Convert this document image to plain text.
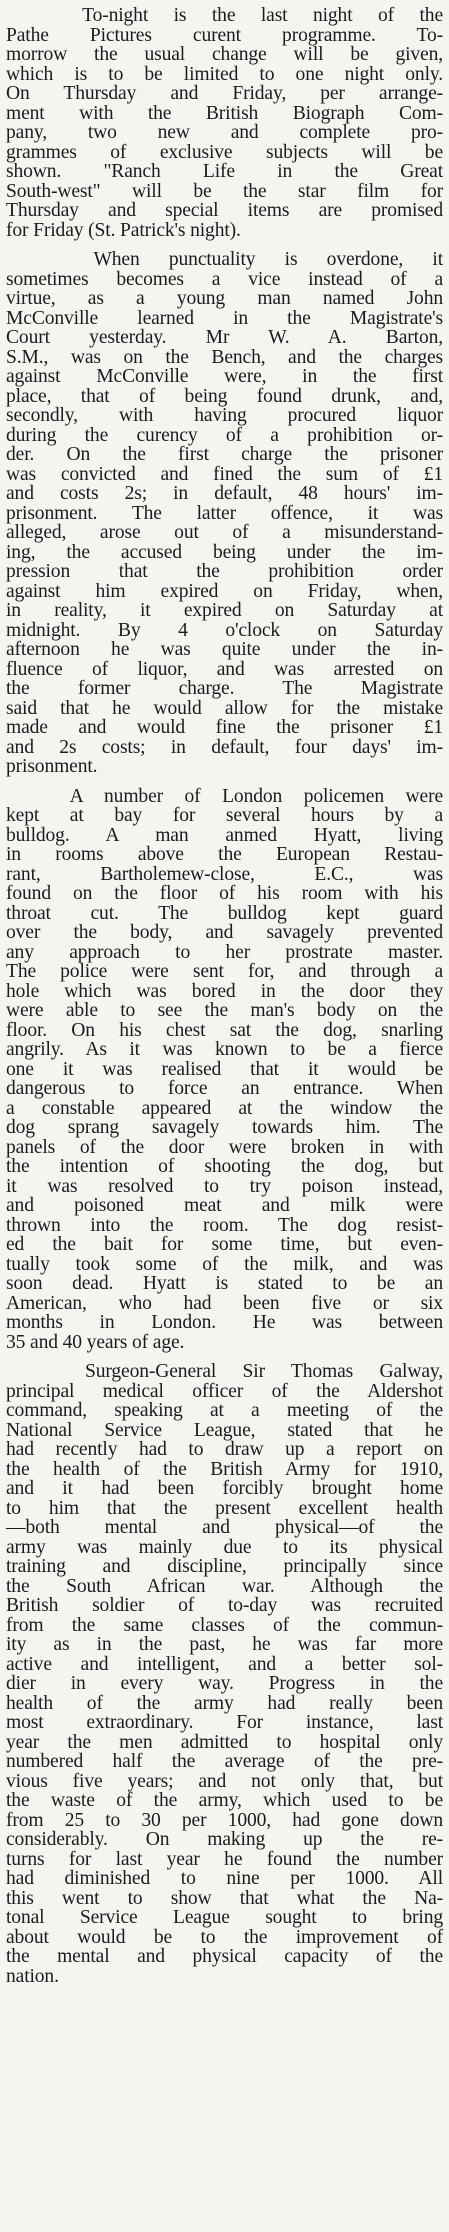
To-night is the last night of the
Pathe Pictures curent programme. To-
morrow the usual change will be given,
which is to be limited to one night only.
On Thursday and Friday, per arrange-
ment with the British Biograph Com-
pany, two new and complete pro-
grammes of exclusive subjects will be
shown. "Ranch Life in the Great
South-west" will be the star film for
Thursday and special items are promised
for Friday (St. Patrick's night).

When punctuality is overdone, it
sometimes becomes a vice instead of a
virtue, as a young man named John
McConville learned in the Magistrate's
Court yesterday. Mr W. A. Barton,
S.M., was on the Bench, and the charges
against McConville were, in the first
place, that of being found drunk, and,
secondly, with having procured liquor
during the curency of a prohibition or-
der. On the first charge the prisoner
was convicted and fined the sum of £1
and costs 2s; in default, 48 hours' im-
prisonment. The latter offence, it was
alleged, arose out of a misunderstand-
ing, the accused being under the im-
pression that the prohibition order
against him expired on Friday, when,
in reality, it expired on Saturday at
midnight. By 4 o'clock on Saturday
afternoon he was quite under the in-
fluence of liquor, and was arrested on
the former charge. The Magistrate
said that he would allow for the mistake
made and would fine the prisoner £1
and 2s costs; in default, four days' im-
prisonment.

A number of London policemen were
kept at bay for several hours by a
bulldog. A man anmed Hyatt, living
in rooms above the European Restau-
rant, Bartholemew-close, E.C., was
found on the floor of his room with his
throat cut. The bulldog kept guard
over the body, and savagely prevented
any approach to her prostrate master.
The police were sent for, and through a
hole which was bored in the door they
were able to see the man's body on the
floor. On his chest sat the dog, snarling
angrily. As it was known to be a fierce
one it was realised that it would be
dangerous to force an entrance. When
a constable appeared at the window the
dog sprang savagely towards him. The
panels of the door were broken in with
the intention of shooting the dog, but
it was resolved to try poison instead,
and poisoned meat and milk were
thrown into the room. The dog resist-
ed the bait for some time, but even-
tually took some of the milk, and was
soon dead. Hyatt is stated to be an
American, who had been five or six
months in London. He was between
35 and 40 years of age.

Surgeon-General Sir Thomas Galway,
principal medical officer of the Aldershot
command, speaking at a meeting of the
National Service League, stated that he
had recently had to draw up a report on
the health of the British Army for 1910,
and it had been forcibly brought home
to him that the present excellent health
—both mental and physical—of the
army was mainly due to its physical
training and discipline, principally since
the South African war. Although the
British soldier of to-day was recruited
from the same classes of the commun-
ity as in the past, he was far more
active and intelligent, and a better sol-
dier in every way. Progress in the
health of the army had really been
most extraordinary. For instance, last
year the men admitted to hospital only
numbered half the average of the pre-
vious five years; and not only that, but
the waste of the army, which used to be
from 25 to 30 per 1000, had gone down
considerably. On making up the re-
turns for last year he found the number
had diminished to nine per 1000. All
this went to show that what the Na-
tonal Service League sought to bring
about would be to the improvement of
the mental and physical capacity of the
nation.
